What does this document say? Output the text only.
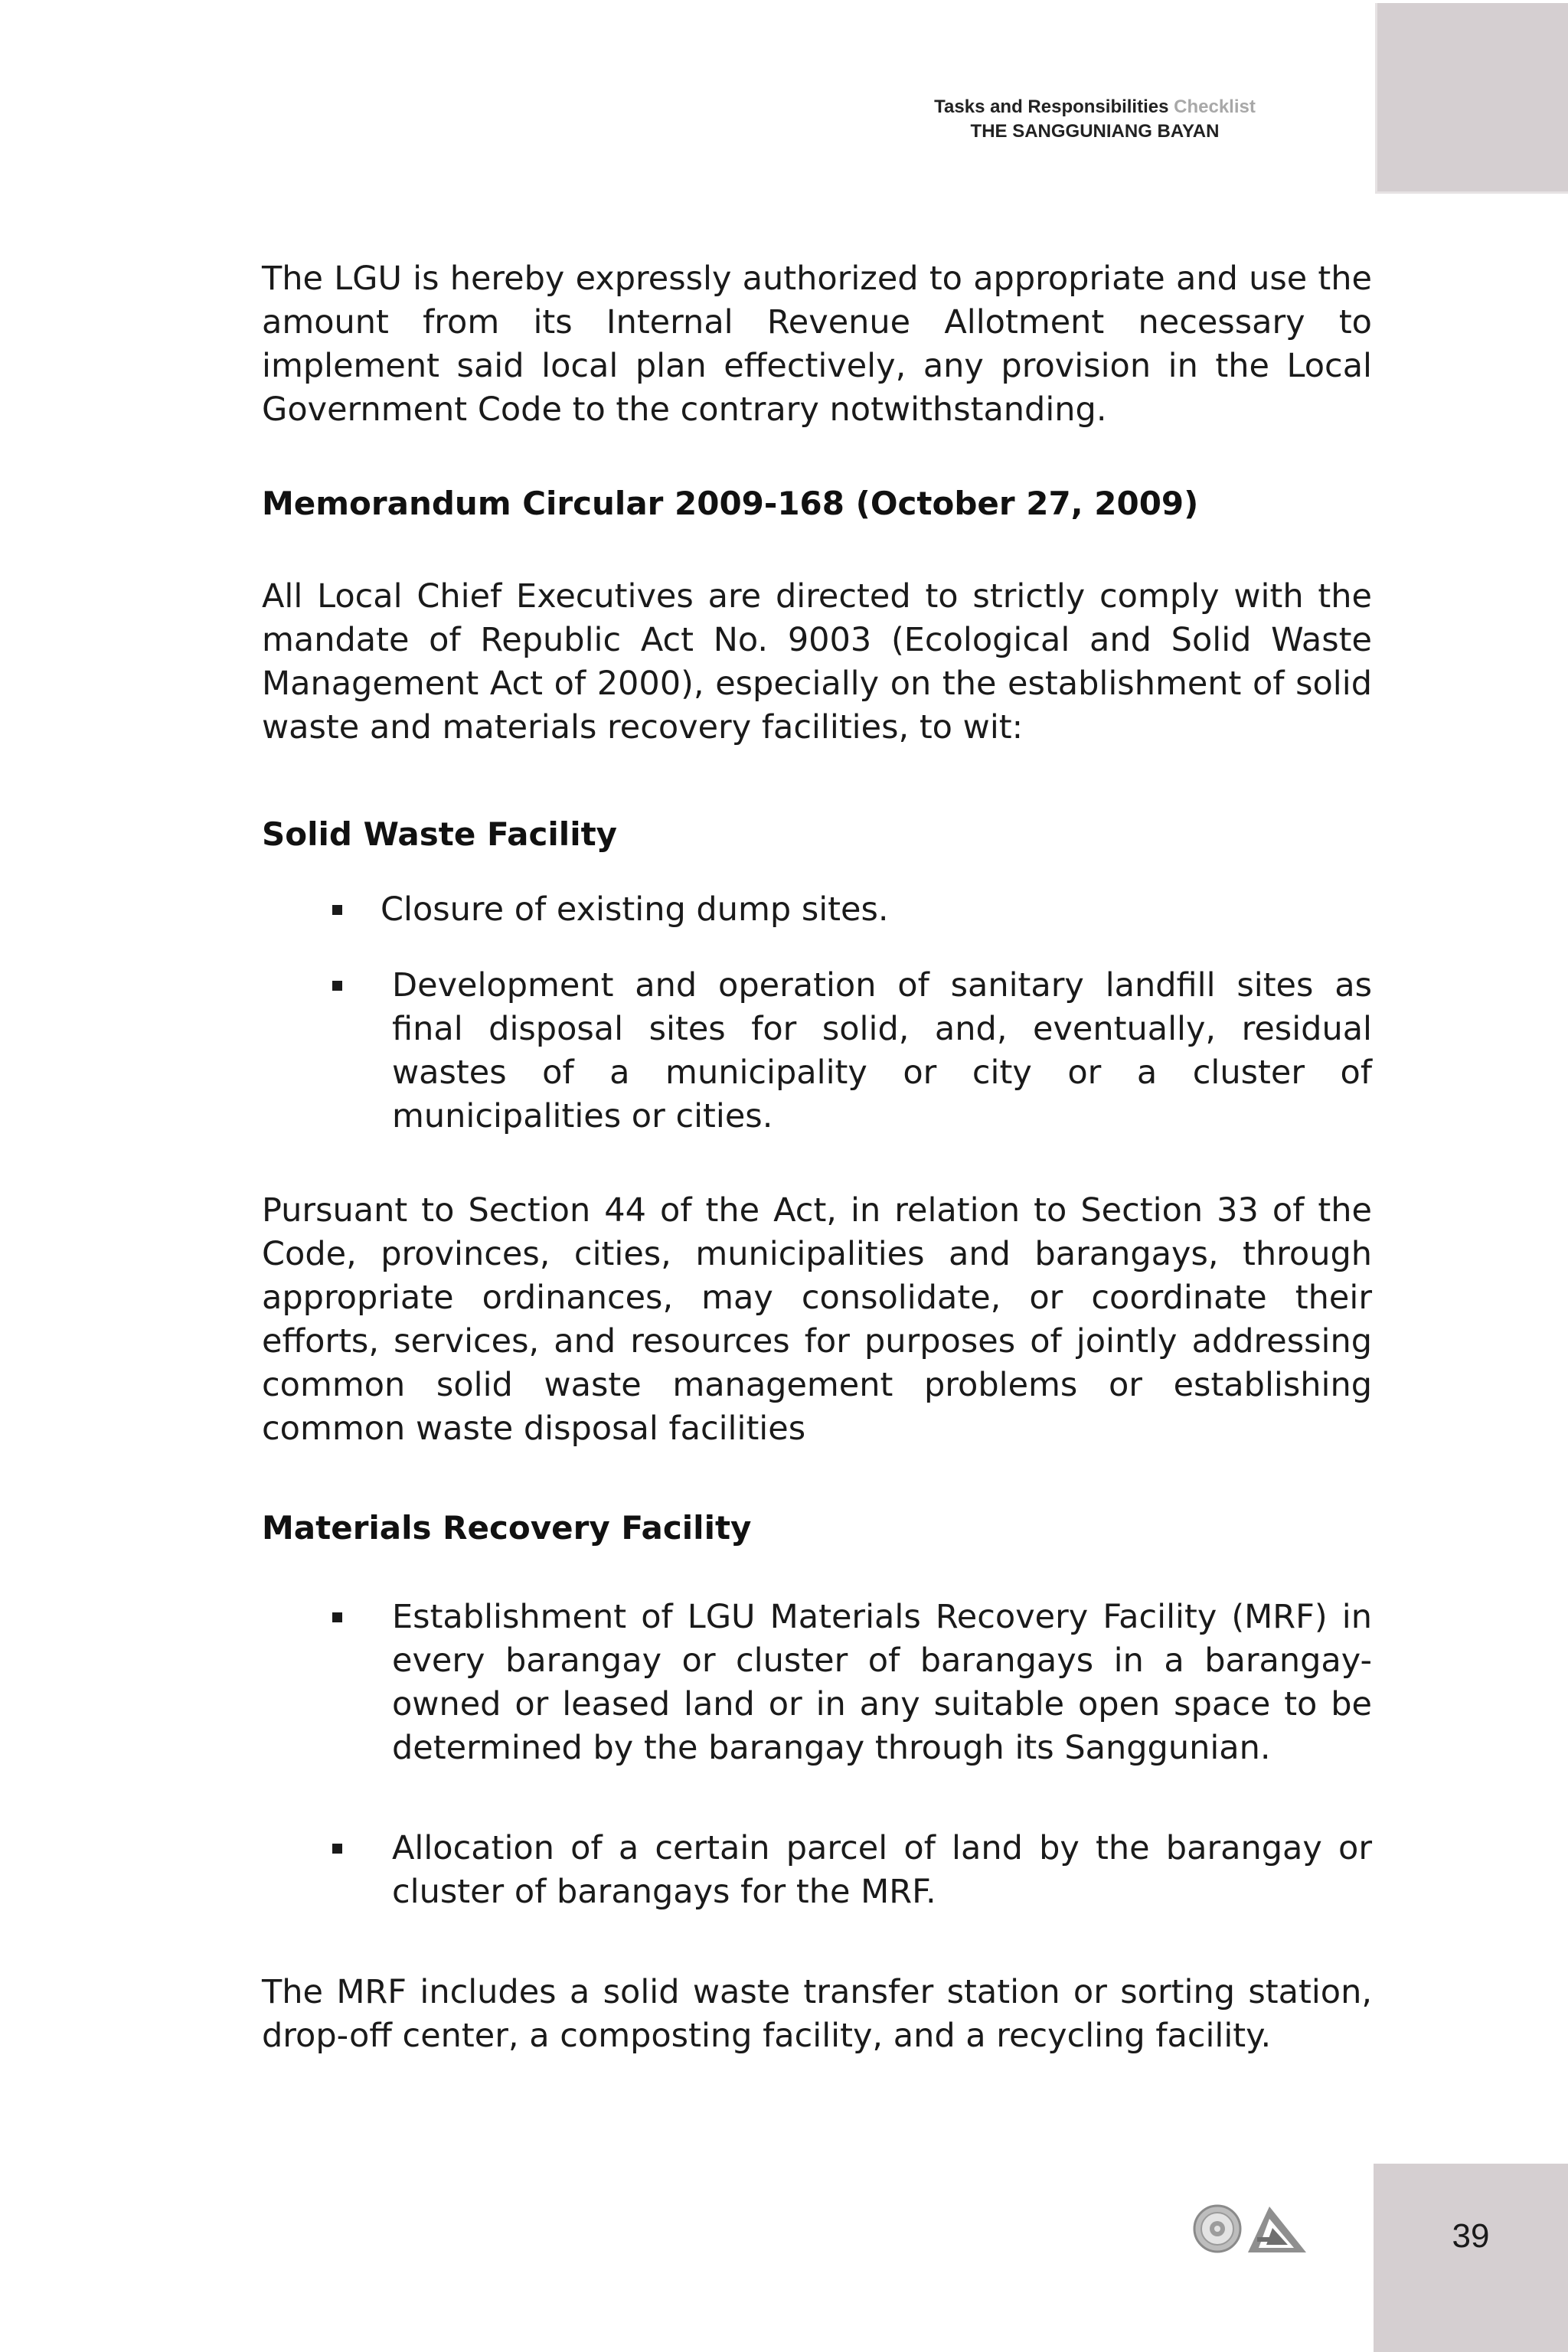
Tasks and Responsibilities Checklist
THE SANGGUNIANG BAYAN

The LGU is hereby expressly authorized to appropriate and use the amount from its Internal Revenue Allotment necessary to implement said local plan effectively, any provision in the Local Government Code to the contrary notwithstanding.

Memorandum Circular 2009-168 (October 27, 2009)

All Local Chief Executives are directed to strictly comply with the mandate of Republic Act No. 9003 (Ecological and Solid Waste Management Act of 2000), especially on the establishment of solid waste and materials recovery facilities, to wit:

Solid Waste Facility

Closure of existing dump sites.
Development and operation of sanitary landfill sites as final disposal sites for solid, and, eventually, residual wastes of a municipality or city or a cluster of municipalities or cities.

Pursuant to Section 44 of the Act, in relation to Section 33 of the Code, provinces, cities, municipalities and barangays, through appropriate ordinances, may consolidate, or coordinate their efforts, services, and resources for purposes of jointly addressing common solid waste management problems or establishing common waste disposal facilities

Materials Recovery Facility

Establishment of LGU Materials Recovery Facility (MRF) in every barangay or cluster of barangays in a barangay-owned or leased land or in any suitable open space to be determined by the barangay through its Sanggunian.
Allocation of a certain parcel of land by the barangay or cluster of barangays for the MRF.

The MRF includes a solid waste transfer station or sorting station, drop-off center, a composting facility, and a recycling facility.

39
